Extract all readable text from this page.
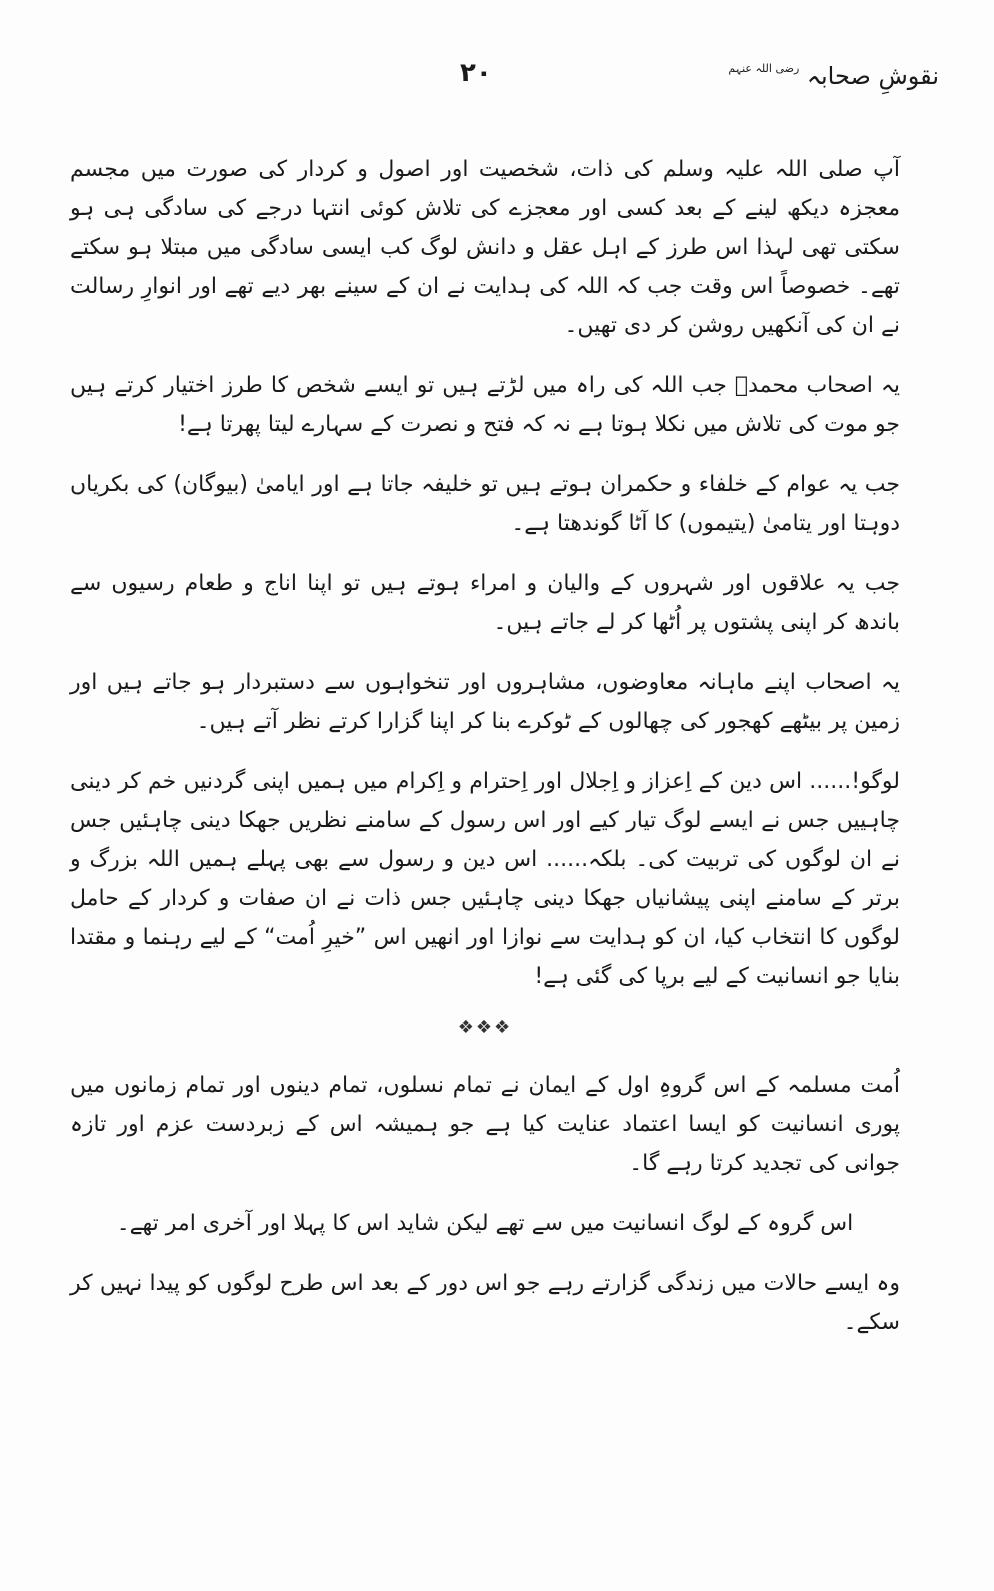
۲۰	نقوشِ صحابہ $^{رضی اللہ عنہم}$

آپ صلی اللہ علیہ وسلم کی ذات، شخصیت اور اصول و کردار کی صورت میں مجسم معجزہ دیکھ لینے کے بعد کسی اور معجزے کی تلاش کوئی انتہا درجے کی سادگی ہی ہو سکتی تھی لہذا اس طرز کے اہل عقل و دانش لوگ کب ایسی سادگی میں مبتلا ہو سکتے تھے۔ خصوصاً اس وقت جب کہ اللہ کی ہدایت نے ان کے سینے بھر دیے تھے اور انوارِ رسالت نے ان کی آنکھیں روشن کر دی تھیں۔

یہ اصحاب محمدؐ جب اللہ کی راہ میں لڑتے ہیں تو ایسے شخص کا طرز اختیار کرتے ہیں جو موت کی تلاش میں نکلا ہوتا ہے نہ کہ فتح و نصرت کے سہارے لیتا پھرتا ہے!

جب یہ عوام کے خلفاء و حکمران ہوتے ہیں تو خلیفہ جاتا ہے اور ایامیٰ (بیوگان) کی بکریاں دوہتا اور یتامیٰ (یتیموں) کا آٹا گوندھتا ہے۔

جب یہ علاقوں اور شہروں کے والیان و امراء ہوتے ہیں تو اپنا اناج و طعام رسیوں سے باندھ کر اپنی پشتوں پر اُٹھا کر لے جاتے ہیں۔

یہ اصحاب اپنے ماہانہ معاوضوں، مشاہروں اور تنخواہوں سے دستبردار ہو جاتے ہیں اور زمین پر بیٹھے کھجور کی چھالوں کے ٹوکرے بنا کر اپنا گزارا کرتے نظر آتے ہیں۔

لوگو!...... اس دین کے اِعزاز و اِجلال اور اِحترام و اِکرام میں ہمیں اپنی گردنیں خم کر دینی چاہییں جس نے ایسے لوگ تیار کیے اور اس رسول کے سامنے نظریں جھکا دینی چاہئیں جس نے ان لوگوں کی تربیت کی۔ بلکہ...... اس دین و رسول سے بھی پہلے ہمیں اللہ بزرگ و برتر کے سامنے اپنی پیشانیاں جھکا دینی چاہئیں جس ذات نے ان صفات و کردار کے حامل لوگوں کا انتخاب کیا، ان کو ہدایت سے نوازا اور انھیں اس ”خیرِ اُمت“ کے لیے رہنما و مقتدا بنایا جو انسانیت کے لیے برپا کی گئی ہے!

❖❖❖

اُمت مسلمہ کے اس گروہِ اول کے ایمان نے تمام نسلوں، تمام دینوں اور تمام زمانوں میں پوری انسانیت کو ایسا اعتماد عنایت کیا ہے جو ہمیشہ اس کے زبردست عزم اور تازہ جوانی کی تجدید کرتا رہے گا۔

اس گروہ کے لوگ انسانیت میں سے تھے لیکن شاید اس کا پہلا اور آخری امر تھے۔

وہ ایسے حالات میں زندگی گزارتے رہے جو اس دور کے بعد اس طرح لوگوں کو پیدا نہیں کر سکے۔
